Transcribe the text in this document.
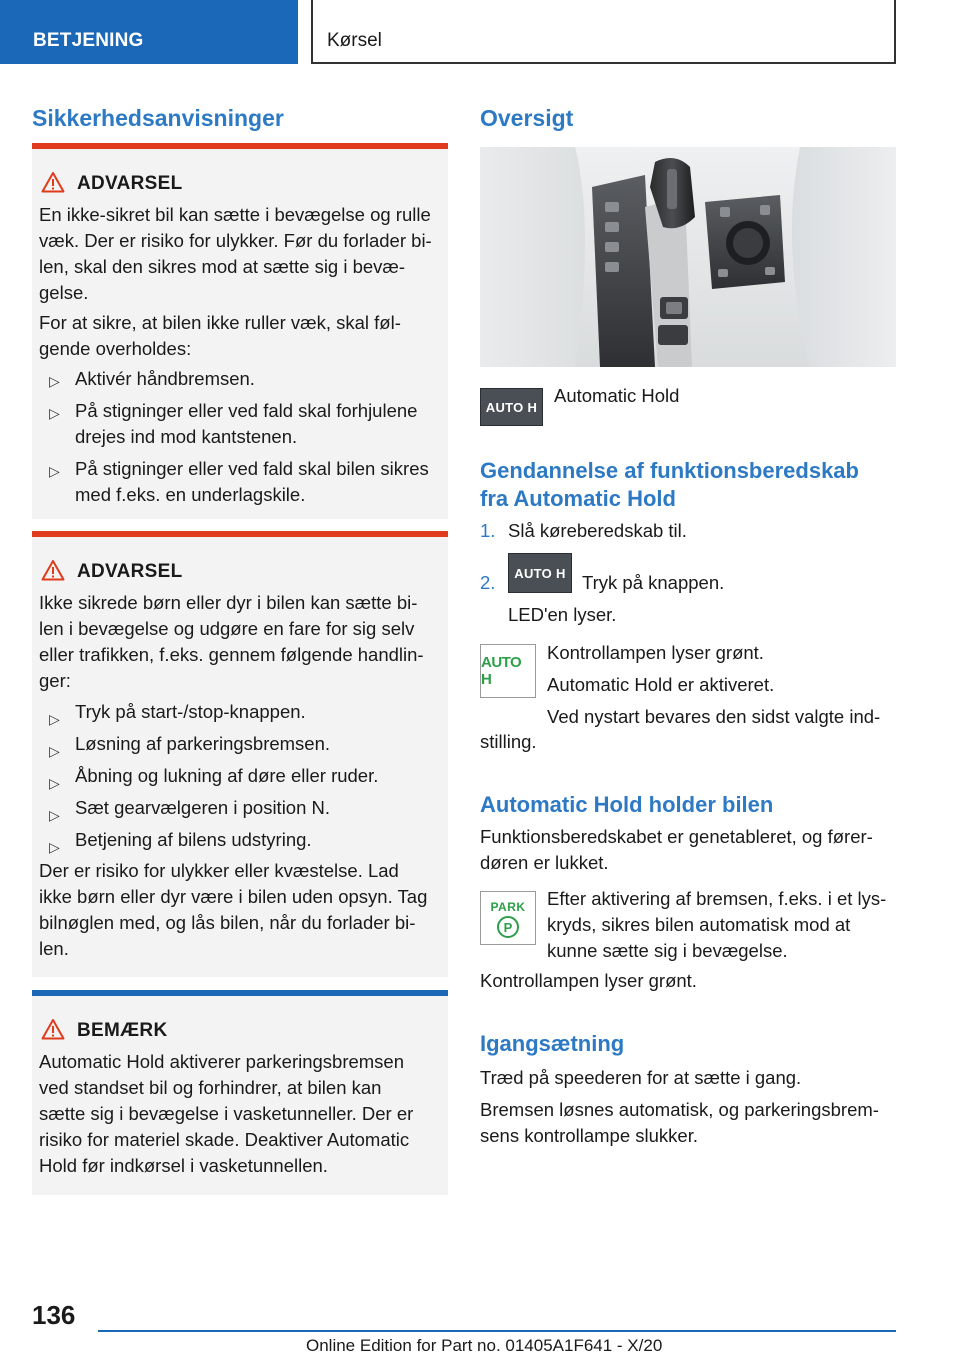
BETJENING	Kørsel
Sikkerhedsanvisninger
ADVARSEL
En ikke-sikret bil kan sætte i bevægelse og rulle
væk. Der er risiko for ulykker. Før du forlader bi-
len, skal den sikres mod at sætte sig i bevæ-
gelse.
For at sikre, at bilen ikke ruller væk, skal føl-
gende overholdes:
▷ Aktivér håndbremsen.
▷ På stigninger eller ved fald skal forhjulene
drejes ind mod kantstenen.
▷ På stigninger eller ved fald skal bilen sikres
med f.eks. en underlagskile.
ADVARSEL
Ikke sikrede børn eller dyr i bilen kan sætte bi-
len i bevægelse og udgøre en fare for sig selv
eller trafikken, f.eks. gennem følgende handlin-
ger:
▷ Tryk på start-/stop-knappen.
▷ Løsning af parkeringsbremsen.
▷ Åbning og lukning af døre eller ruder.
▷ Sæt gearvælgeren i position N.
▷ Betjening af bilens udstyring.
Der er risiko for ulykker eller kvæstelse. Lad
ikke børn eller dyr være i bilen uden opsyn. Tag
bilnøglen med, og lås bilen, når du forlader bi-
len.
BEMÆRK
Automatic Hold aktiverer parkeringsbremsen
ved standset bil og forhindrer, at bilen kan
sætte sig i bevægelse i vasketunneller. Der er
risiko for materiel skade. Deaktiver Automatic
Hold før indkørsel i vasketunnellen.
Oversigt
AUTO H
Automatic Hold
Gendannelse af funktionsberedskab
fra Automatic Hold
1. Slå køreberedskab til.
2.	AUTO H Tryk på knappen.
LED'en lyser.
AUTO H
Kontrollampen lyser grønt.
Automatic Hold er aktiveret.
Ved nystart bevares den sidst valgte ind-
stilling.
Automatic Hold holder bilen
Funktionsberedskabet er genetableret, og fører-
døren er lukket.
PARK
P
Efter aktivering af bremsen, f.eks. i et lys-
kryds, sikres bilen automatisk mod at
kunne sætte sig i bevægelse.
Kontrollampen lyser grønt.
Igangsætning
Træd på speederen for at sætte i gang.
Bremsen løsnes automatisk, og parkeringsbrem-
sens kontrollampe slukker.
136
Online Edition for Part no. 01405A1F641 - X/20
